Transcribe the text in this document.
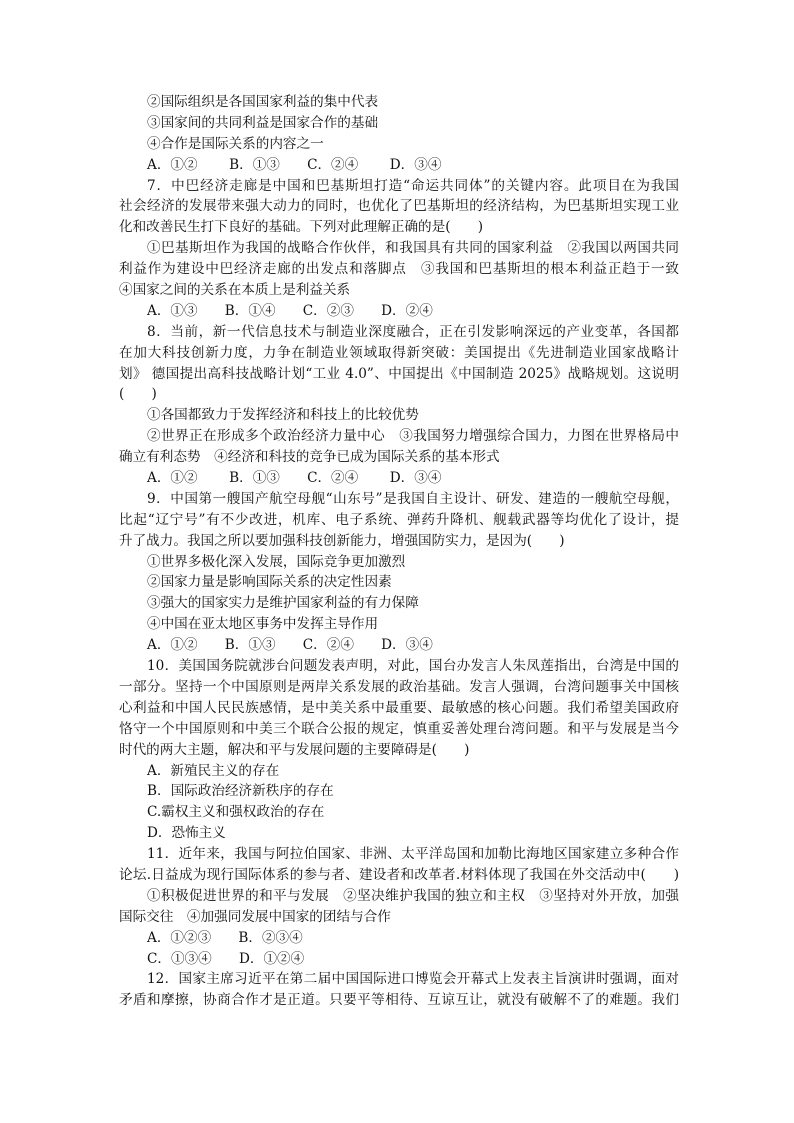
②国际组织是各国国家利益的集中代表
③国家间的共同利益是国家合作的基础
④合作是国际关系的内容之一
A．①②　　 B．①③　　C．②④　　 D．③④
7．中巴经济走廊是中国和巴基斯坦打造“命运共同体”的关键内容。此项目在为我国
社会经济的发展带来强大动力的同时，也优化了巴基斯坦的经济结构，为巴基斯坦实现工业
化和改善民生打下良好的基础。下列对此理解正确的是(　　)
①巴基斯坦作为我国的战略合作伙伴，和我国具有共同的国家利益　②我国以两国共同
利益作为建设中巴经济走廊的出发点和落脚点　③我国和巴基斯坦的根本利益正趋于一致
④国家之间的关系在本质上是利益关系
A．①③　　B．①④　　C．②③　　D．②④
8．当前，新一代信息技术与制造业深度融合，正在引发影响深远的产业变革，各国都
在加大科技创新力度，力争在制造业领域取得新突破：美国提出《先进制造业国家战略计
划》 德国提出高科技战略计划“工业 4.0”、中国提出《中国制造 2025》战略规划。这说明
(　　)
①各国都致力于发挥经济和科技上的比较优势
②世界正在形成多个政治经济力量中心　③我国努力增强综合国力，力图在世界格局中
确立有利态势　④经济和科技的竞争已成为国际关系的基本形式
A．①②　　 B．①③　　C．②④　　 D．③④
9．中国第一艘国产航空母舰“山东号”是我国自主设计、研发、建造的一艘航空母舰，
比起“辽宁号”有不少改进，机库、电子系统、弹药升降机、舰载武器等均优化了设计，提
升了战力。我国之所以要加强科技创新能力，增强国防实力，是因为(　　)
①世界多极化深入发展，国际竞争更加激烈
②国家力量是影响国际关系的决定性因素
③强大的国家实力是维护国家利益的有力保障
④中国在亚太地区事务中发挥主导作用
A．①②　　B．①③　　C．②④　　D．③④
10．美国国务院就涉台问题发表声明，对此，国台办发言人朱凤莲指出，台湾是中国的
一部分。坚持一个中国原则是两岸关系发展的政治基础。发言人强调，台湾问题事关中国核
心利益和中国人民民族感情，是中美关系中最重要、最敏感的核心问题。我们希望美国政府
恪守一个中国原则和中美三个联合公报的规定，慎重妥善处理台湾问题。和平与发展是当今
时代的两大主题，解决和平与发展问题的主要障碍是(　　)
A．新殖民主义的存在
B．国际政治经济新秩序的存在
C.霸权主义和强权政治的存在
D．恐怖主义
11．近年来，我国与阿拉伯国家、非洲、太平洋岛国和加勒比海地区国家建立多种合作
论坛.日益成为现行国际体系的参与者、建设者和改革者.材料体现了我国在外交活动中(　　)
①积极促进世界的和平与发展　②坚决维护我国的独立和主权　③坚持对外开放，加强
国际交往　④加强同发展中国家的团结与合作
A．①②③　　B．②③④
C．①③④　　D．①②④
12．国家主席习近平在第二届中国国际进口博览会开幕式上发表主旨演讲时强调，面对
矛盾和摩擦，协商合作才是正道。只要平等相待、互谅互让，就没有破解不了的难题。我们
